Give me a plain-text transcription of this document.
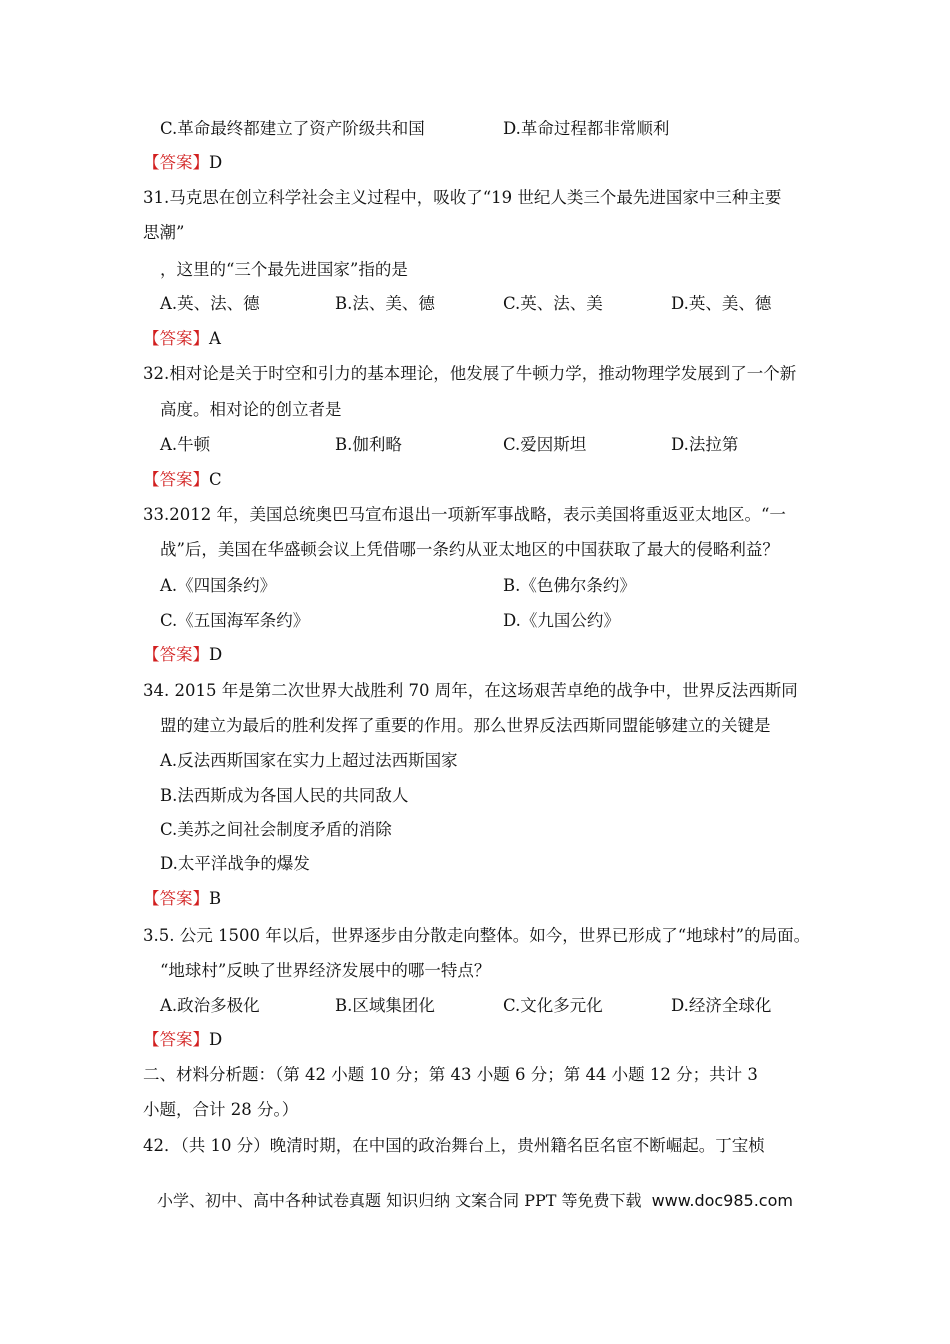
C.革命最终都建立了资产阶级共和国	D.革命过程都非常顺利
【答案】D
31.马克思在创立科学社会主义过程中，吸收了“19 世纪人类三个最先进国家中三种主要
思潮”
，这里的“三个最先进国家”指的是
A.英、法、德	B.法、美、德	C.英、法、美	D.英、美、德
【答案】A
32.相对论是关于时空和引力的基本理论，他发展了牛顿力学，推动物理学发展到了一个新
高度。相对论的创立者是
A.牛顿	B.伽利略	C.爱因斯坦	D.法拉第
【答案】C
33.2012 年，美国总统奥巴马宣布退出一项新军事战略，表示美国将重返亚太地区。“一
战”后，美国在华盛顿会议上凭借哪一条约从亚太地区的中国获取了最大的侵略利益？
A.《四国条约》	B.《色佛尔条约》
C.《五国海军条约》	D.《九国公约》
【答案】D
34. 2015 年是第二次世界大战胜利 70 周年，在这场艰苦卓绝的战争中，世界反法西斯同
盟的建立为最后的胜利发挥了重要的作用。那么世界反法西斯同盟能够建立的关键是
A.反法西斯国家在实力上超过法西斯国家
B.法西斯成为各国人民的共同敌人
C.美苏之间社会制度矛盾的消除
D.太平洋战争的爆发
【答案】B
3.5. 公元 1500 年以后，世界逐步由分散走向整体。如今，世界已形成了“地球村”的局面。
“地球村”反映了世界经济发展中的哪一特点？
A.政治多极化	B.区域集团化	C.文化多元化	D.经济全球化
【答案】D
二、材料分析题：（第 42 小题 10 分；第 43 小题 6 分；第 44 小题 12 分；共计 3
小题，合计 28 分。）
42．（共 10 分）晚清时期，在中国的政治舞台上，贵州籍名臣名宦不断崛起。丁宝桢
小学、初中、高中各种试卷真题 知识归纳 文案合同 PPT 等免费下载 www.doc985.com
